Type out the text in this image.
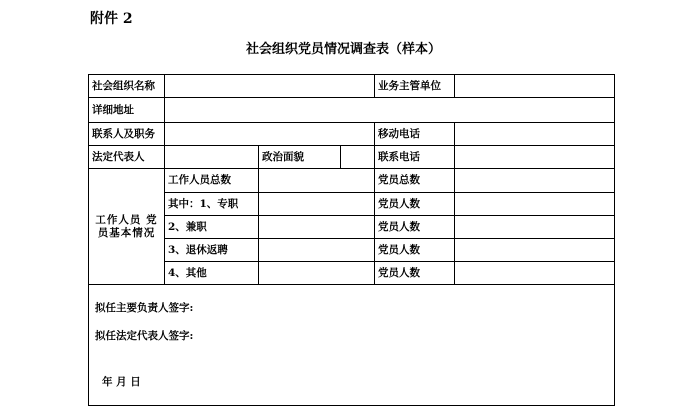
附件 2
社会组织党员情况调查表（样本）
社会组织名称				业务主管单位	
详细地址					
联系人及职务				移动电话	
法定代表人		政治面貌		联系电话	
工作人员 党员基本情况	工作人员总数			党员总数	
	其中：1、专职			党员人数	
	2、兼职			党员人数	
	3、退休返聘			党员人数	
	4、其他			党员人数	

拟任主要负责人签字:
拟任法定代表人签字:
年 月 日					
